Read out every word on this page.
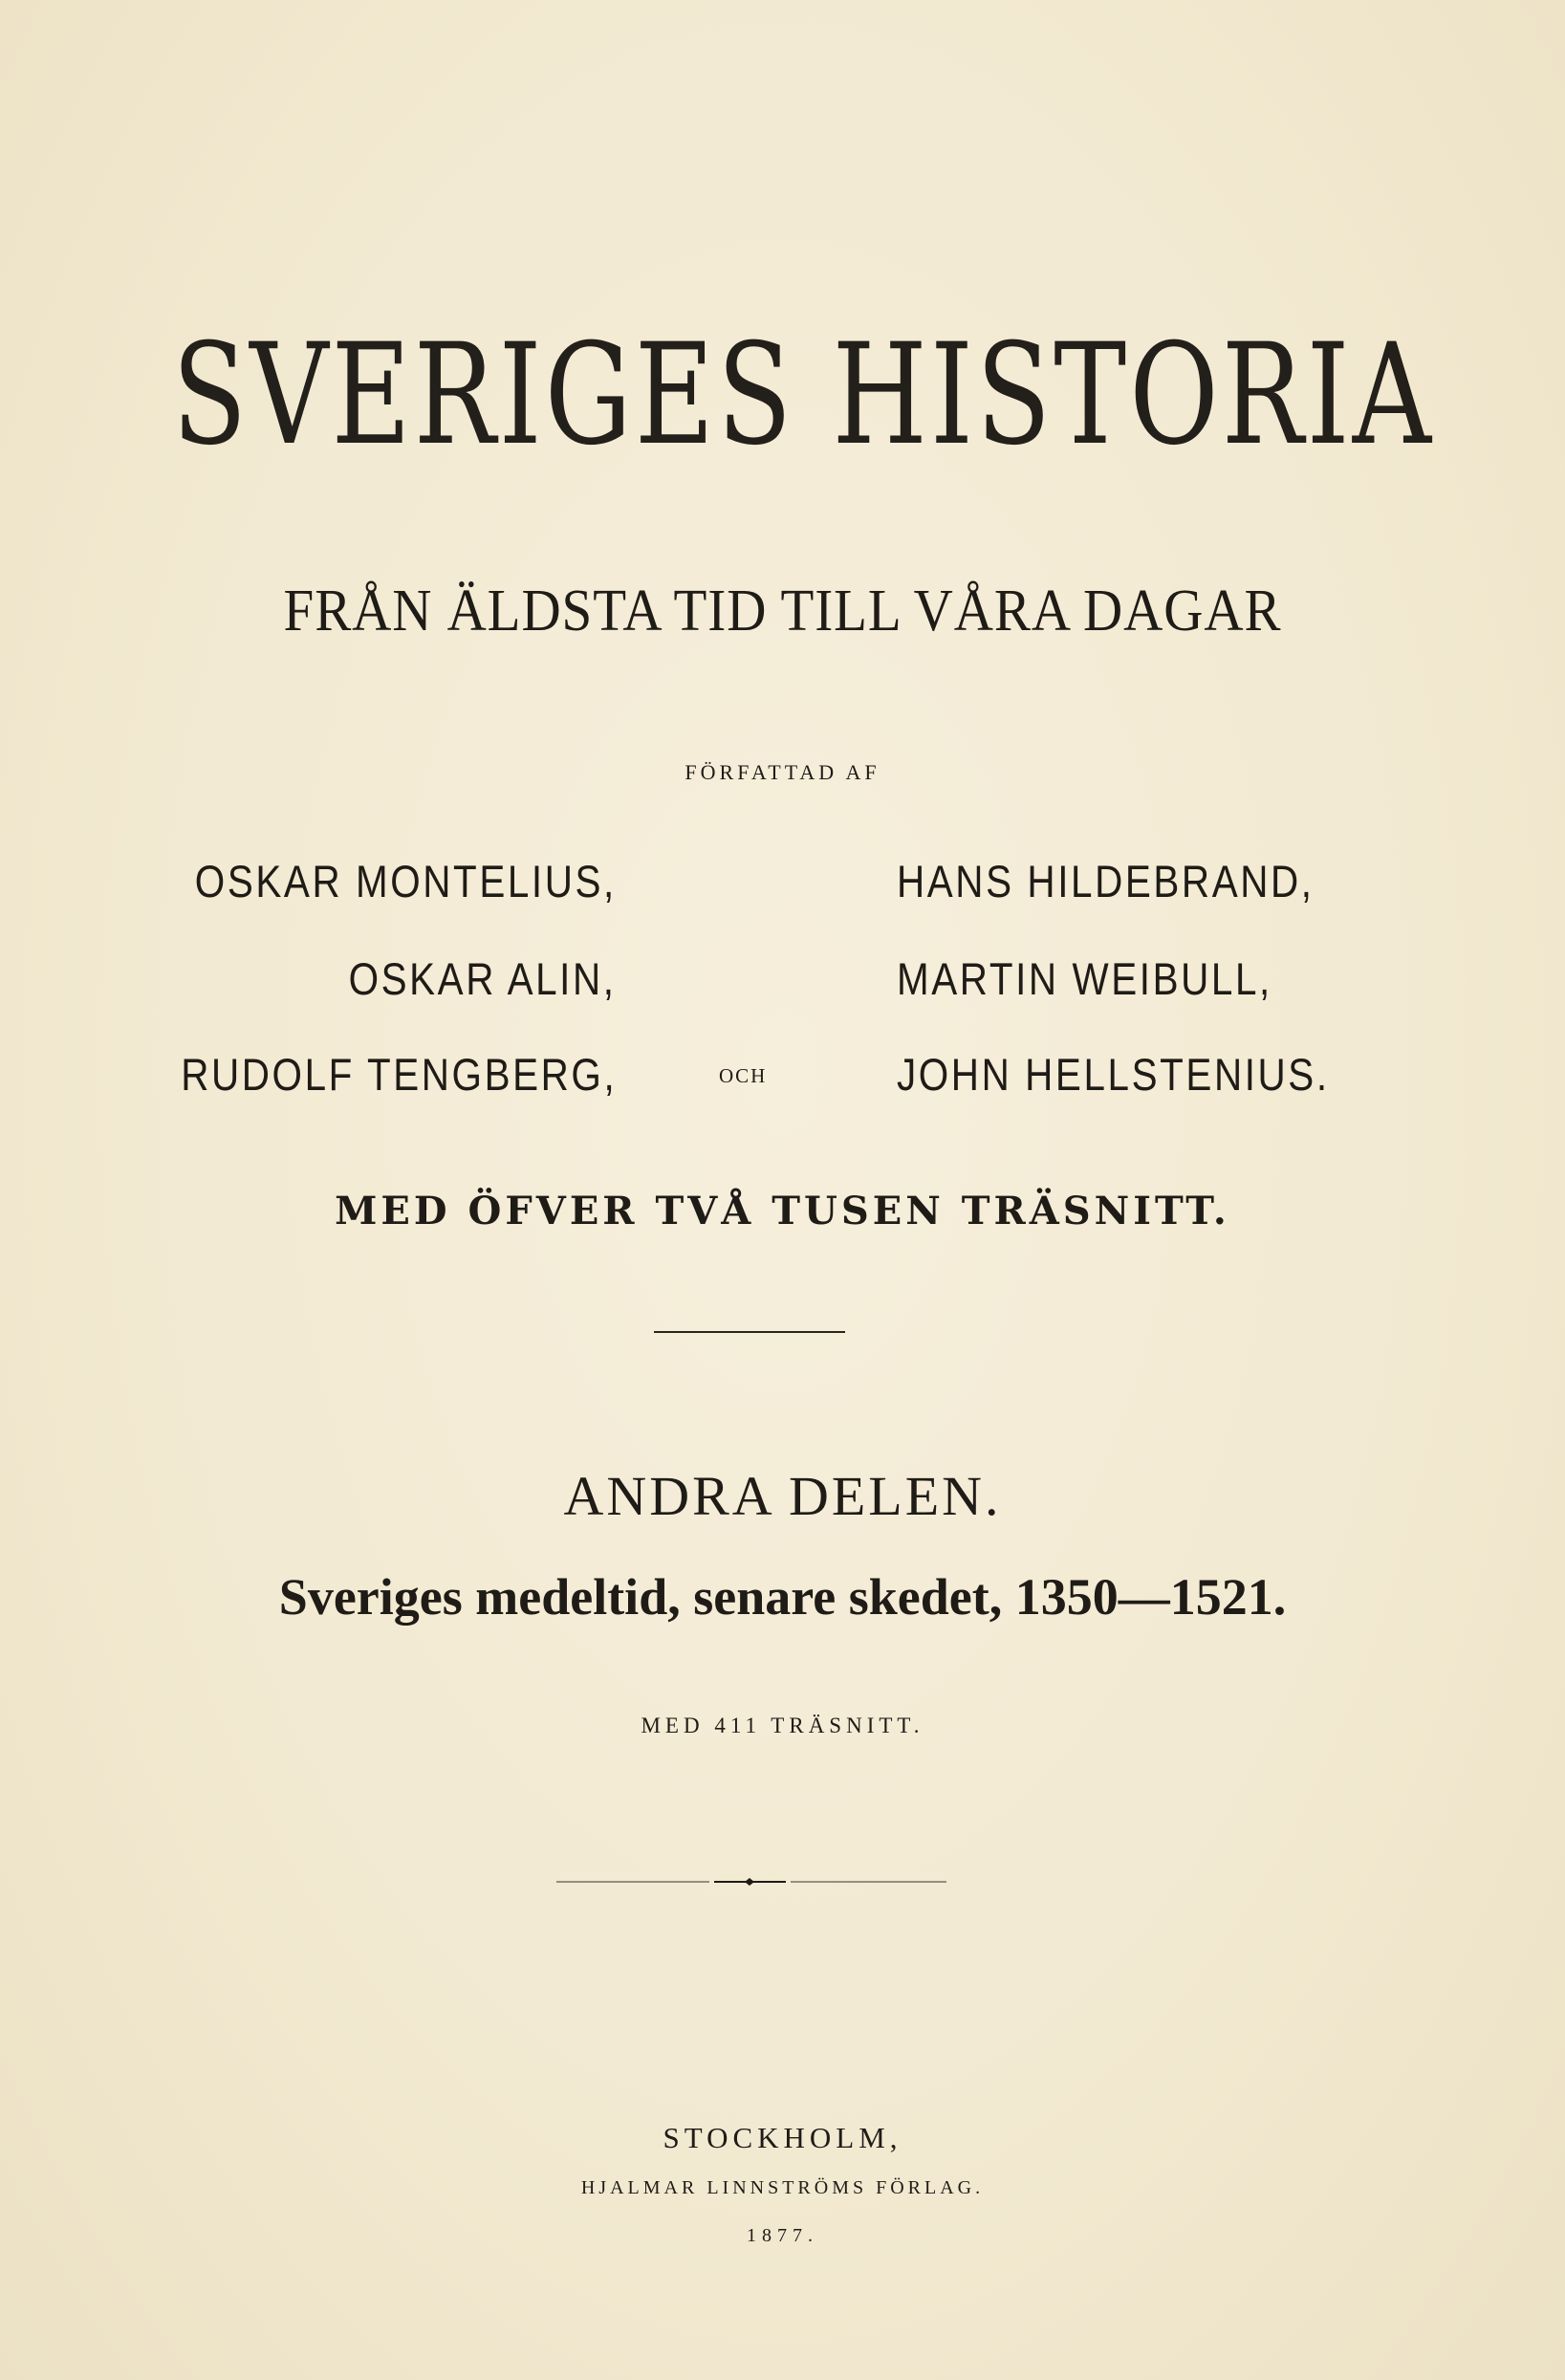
SVERIGES HISTORIA
FRÅN ÄLDSTA TID TILL VÅRA DAGAR
FÖRFATTAD AF
OSKAR MONTELIUS,
OSKAR ALIN,
RUDOLF TENGBERG,
HANS HILDEBRAND,
MARTIN WEIBULL,
JOHN HELLSTENIUS.
OCH
MED ÖFVER TVÅ TUSEN TRÄSNITT.
ANDRA DELEN.
Sveriges medeltid, senare skedet, 1350—1521.
MED 411 TRÄSNITT.
STOCKHOLM,
HJALMAR LINNSTRÖMS FÖRLAG.
1877.
